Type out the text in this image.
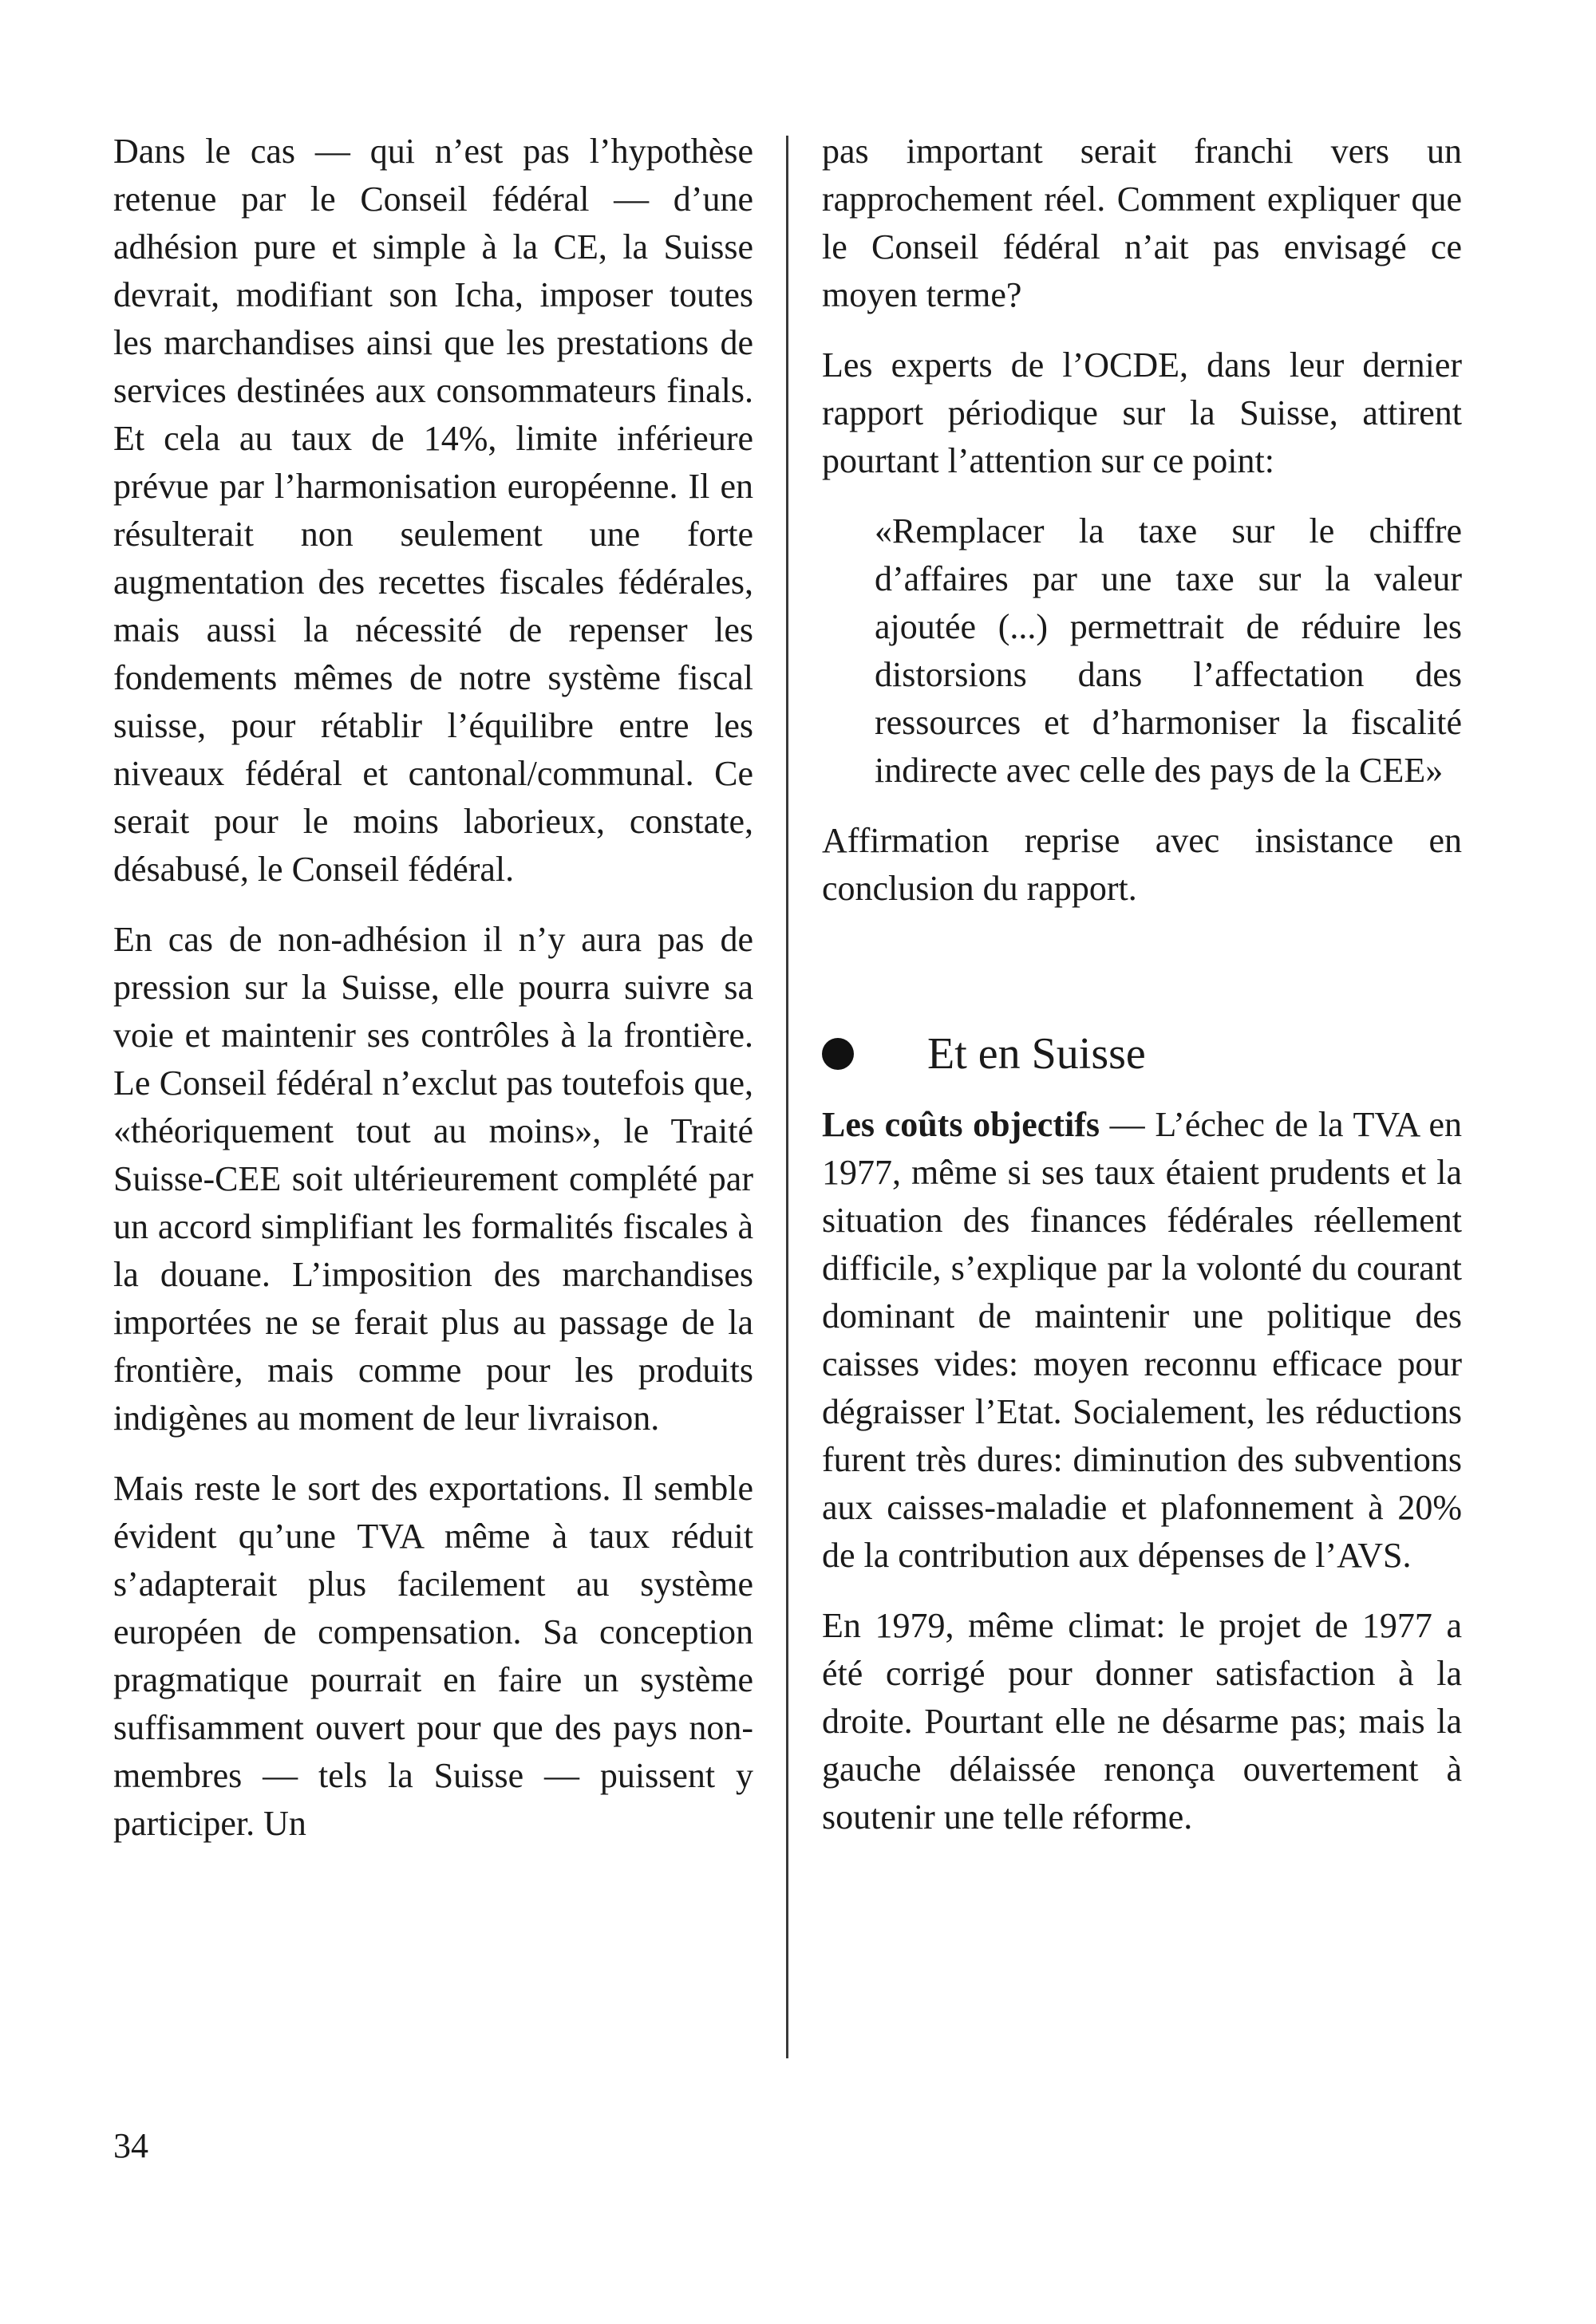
Dans le cas — qui n’est pas l’hypothèse retenue par le Conseil fédéral — d’une adhésion pure et simple à la CE, la Suisse devrait, modifiant son Icha, imposer toutes les marchandises ainsi que les prestations de services destinées aux consommateurs finals. Et cela au taux de 14%, limite inférieure prévue par l’harmonisation européenne. Il en résulterait non seulement une forte augmentation des recettes fiscales fédérales, mais aussi la nécessité de repenser les fondements mêmes de notre système fiscal suisse, pour rétablir l’équilibre entre les niveaux fédéral et cantonal/communal. Ce serait pour le moins laborieux, constate, désabusé, le Conseil fédéral.

En cas de non-adhésion il n’y aura pas de pression sur la Suisse, elle pourra suivre sa voie et maintenir ses contrôles à la frontière. Le Conseil fédéral n’exclut pas toutefois que, «théoriquement tout au moins», le Traité Suisse-CEE soit ultérieurement complété par un accord simplifiant les formalités fiscales à la douane. L’imposition des marchandises importées ne se ferait plus au passage de la frontière, mais comme pour les produits indigènes au moment de leur livraison.

Mais reste le sort des exportations. Il semble évident qu’une TVA même à taux réduit s’adapterait plus facilement au système européen de compensation. Sa conception pragmatique pourrait en faire un système suffisamment ouvert pour que des pays non-membres — tels la Suisse — puissent y participer. Un

pas important serait franchi vers un rapprochement réel. Comment expliquer que le Conseil fédéral n’ait pas envisagé ce moyen terme?

Les experts de l’OCDE, dans leur dernier rapport périodique sur la Suisse, attirent pourtant l’attention sur ce point:

«Remplacer la taxe sur le chiffre d’affaires par une taxe sur la valeur ajoutée (...) permettrait de réduire les distorsions dans l’affectation des ressources et d’harmoniser la fiscalité indirecte avec celle des pays de la CEE»

Affirmation reprise avec insistance en conclusion du rapport.

Et en Suisse

Les coûts objectifs — L’échec de la TVA en 1977, même si ses taux étaient prudents et la situation des finances fédérales réellement difficile, s’explique par la volonté du courant dominant de maintenir une politique des caisses vides: moyen reconnu efficace pour dégraisser l’Etat. Socialement, les réductions furent très dures: diminution des subventions aux caisses-maladie et plafonnement à 20% de la contribution aux dépenses de l’AVS.

En 1979, même climat: le projet de 1977 a été corrigé pour donner satisfaction à la droite. Pourtant elle ne désarme pas; mais la gauche délaissée renonça ouvertement à soutenir une telle réforme.

34
